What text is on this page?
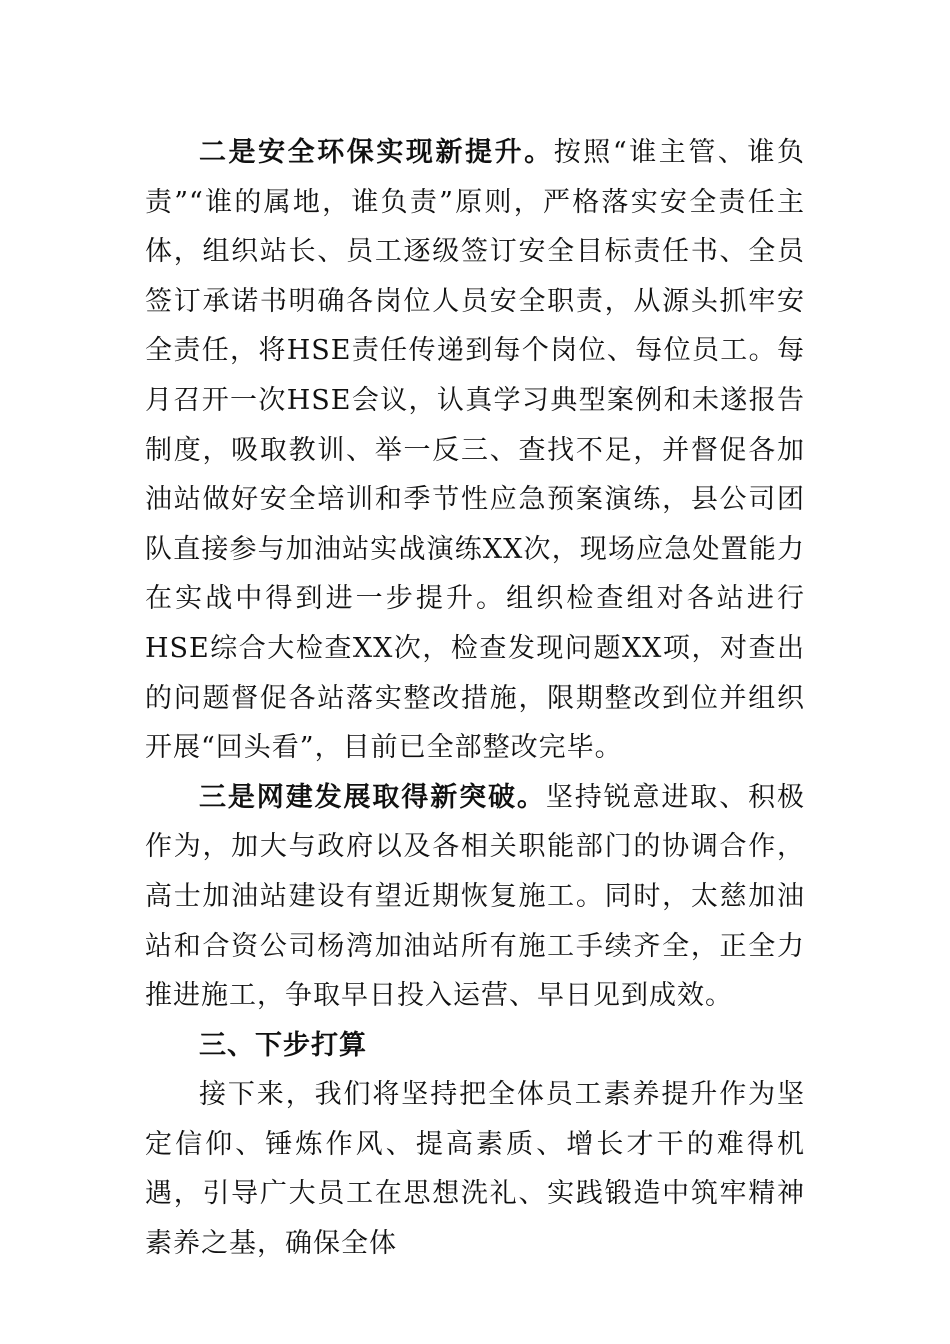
二是安全环保实现新提升。按照“谁主管、谁负责”“谁的属地，谁负责”原则，严格落实安全责任主体，组织站长、员工逐级签订安全目标责任书、全员签订承诺书明确各岗位人员安全职责，从源头抓牢安全责任，将HSE责任传递到每个岗位、每位员工。每月召开一次HSE会议，认真学习典型案例和未遂报告制度，吸取教训、举一反三、查找不足，并督促各加油站做好安全培训和季节性应急预案演练，县公司团队直接参与加油站实战演练XX次，现场应急处置能力在实战中得到进一步提升。组织检查组对各站进行HSE综合大检查XX次，检查发现问题XX项，对查出的问题督促各站落实整改措施，限期整改到位并组织开展“回头看”，目前已全部整改完毕。

三是网建发展取得新突破。坚持锐意进取、积极作为，加大与政府以及各相关职能部门的协调合作，高士加油站建设有望近期恢复施工。同时，太慈加油站和合资公司杨湾加油站所有施工手续齐全，正全力推进施工，争取早日投入运营、早日见到成效。

三、下步打算

接下来，我们将坚持把全体员工素养提升作为坚定信仰、锤炼作风、提高素质、增长才干的难得机遇，引导广大员工在思想洗礼、实践锻造中筑牢精神素养之基，确保全体
